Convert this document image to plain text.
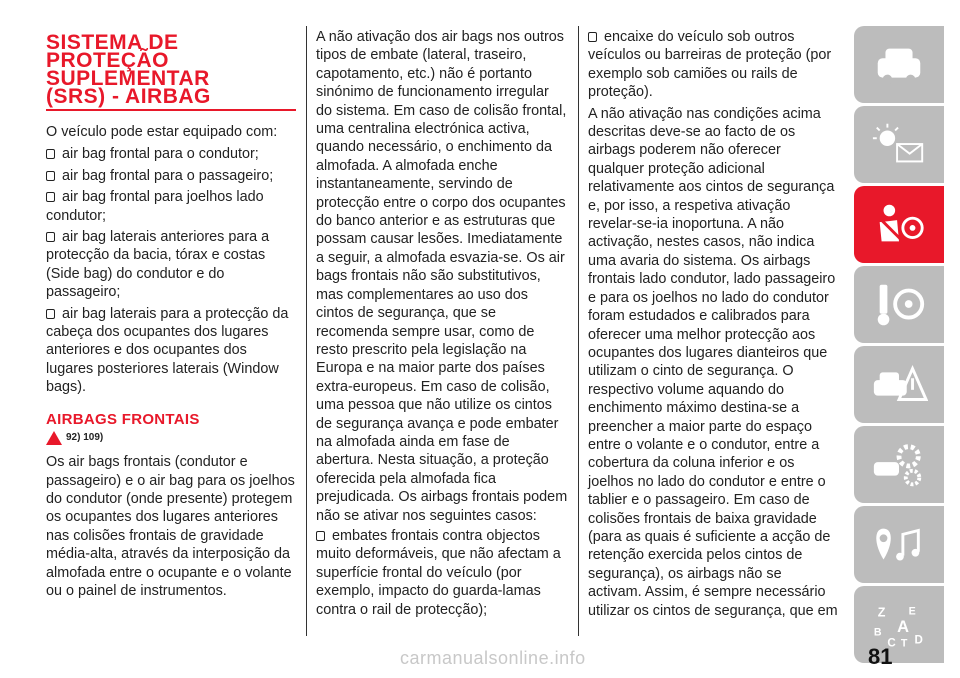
SISTEMA DE
PROTEÇÃO
SUPLEMENTAR
(SRS) - AIRBAG

O veículo pode estar equipado com:

air bag frontal para o condutor;

air bag frontal para o passageiro;

air bag frontal para joelhos lado condutor;

air bag laterais anteriores para a protecção da bacia, tórax e costas (Side bag) do condutor e do passageiro;

air bag laterais para a protecção da cabeça dos ocupantes dos lugares anteriores e dos ocupantes dos lugares posteriores laterais (Window bags).

AIRBAGS FRONTAIS
92) 109)

Os air bags frontais (condutor e passageiro) e o air bag para os joelhos do condutor (onde presente) protegem os ocupantes dos lugares anteriores nas colisões frontais de gravidade média-alta, através da interposição da almofada entre o ocupante e o volante ou o painel de instrumentos.

A não ativação dos air bags nos outros tipos de embate (lateral, traseiro, capotamento, etc.) não é portanto sinónimo de funcionamento irregular do sistema. Em caso de colisão frontal, uma centralina electrónica activa, quando necessário, o enchimento da almofada. A almofada enche instantaneamente, servindo de protecção entre o corpo dos ocupantes do banco anterior e as estruturas que possam causar lesões. Imediatamente a seguir, a almofada esvazia-se. Os air bags frontais não são substitutivos, mas complementares ao uso dos cintos de segurança, que se recomenda sempre usar, como de resto prescrito pela legislação na Europa e na maior parte dos países extra-europeus. Em caso de colisão, uma pessoa que não utilize os cintos de segurança avança e pode embater na almofada ainda em fase de abertura. Nesta situação, a proteção oferecida pela almofada fica prejudicada. Os airbags frontais podem não se ativar nos seguintes casos:

embates frontais contra objectos muito deformáveis, que não afectam a superfície frontal do veículo (por exemplo, impacto do guarda-lamas contra o rail de protecção);

encaixe do veículo sob outros veículos ou barreiras de proteção (por exemplo sob camiões ou rails de proteção).

A não ativação nas condições acima descritas deve-se ao facto de os airbags poderem não oferecer qualquer proteção adicional relativamente aos cintos de segurança e, por isso, a respetiva ativação revelar-se-ia inoportuna. A não activação, nestes casos, não indica uma avaria do sistema. Os airbags frontais lado condutor, lado passageiro e para os joelhos no lado do condutor foram estudados e calibrados para oferecer uma melhor protecção aos ocupantes dos lugares dianteiros que utilizam o cinto de segurança. O respectivo volume aquando do enchimento máximo destina-se a preencher a maior parte do espaço entre o volante e o condutor, entre a cobertura da coluna inferior e os joelhos no lado do condutor e entre o tablier e o passageiro. Em caso de colisões frontais de baixa gravidade (para as quais é suficiente a acção de retenção exercida pelos cintos de segurança), os airbags não se activam. Assim, é sempre necessário utilizar os cintos de segurança, que em	Z E
B A
C T D
81
carmanualsonline.info
